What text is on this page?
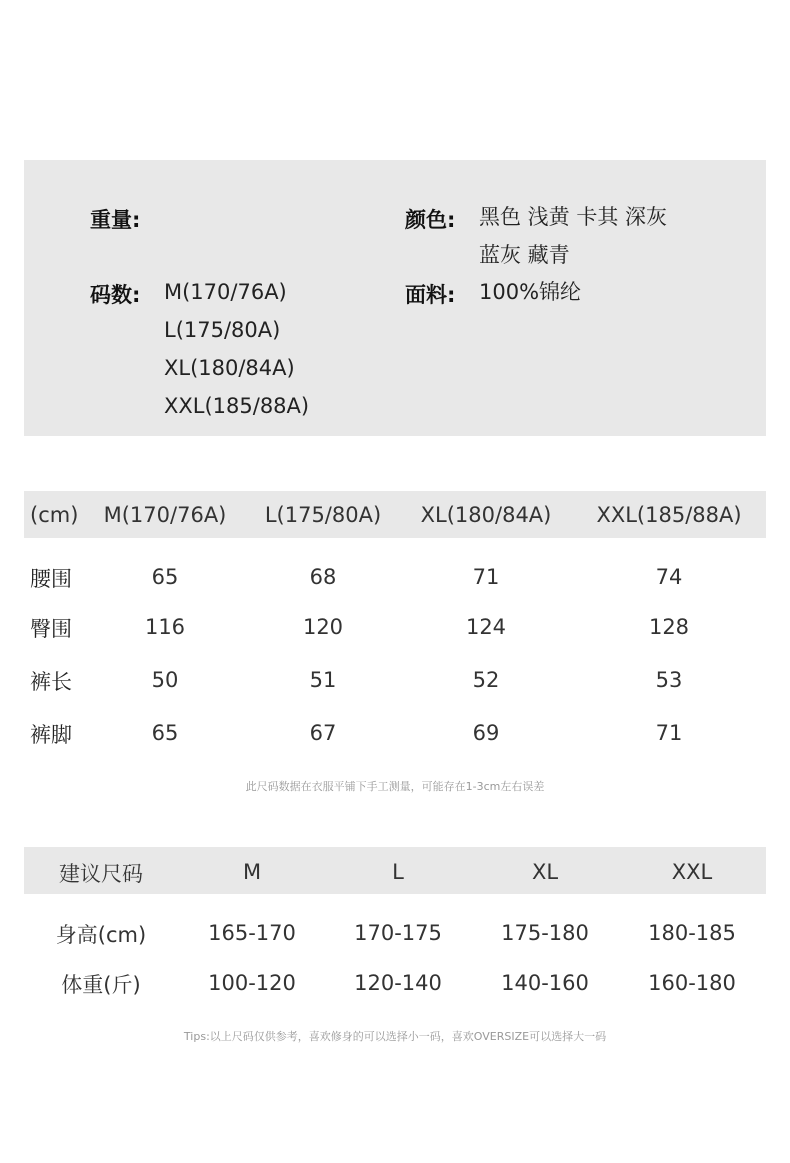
重量:	颜色: 黑色 浅黄 卡其 深灰
蓝灰 藏青
码数: M(170/76A)
L(175/80A)
XL(180/84A)
XXL(185/88A)
面料: 100%锦纶
(cm) M(170/76A) L(175/80A) XL(180/84A) XXL(185/88A)
腰围	65	68	71	74
臀围	116	120	124	128
裤长	50	51	52	53
裤脚	65	67	69	71
此尺码数据在衣服平铺下手工测量，可能存在1-3cm左右误差
建议尺码	M	L	XL	XXL
身高(cm)	165-170	170-175	175-180	180-185
体重(斤)	100-120	120-140	140-160	160-180
Tips:以上尺码仅供参考，喜欢修身的可以选择小一码，喜欢OVERSIZE可以选择大一码
